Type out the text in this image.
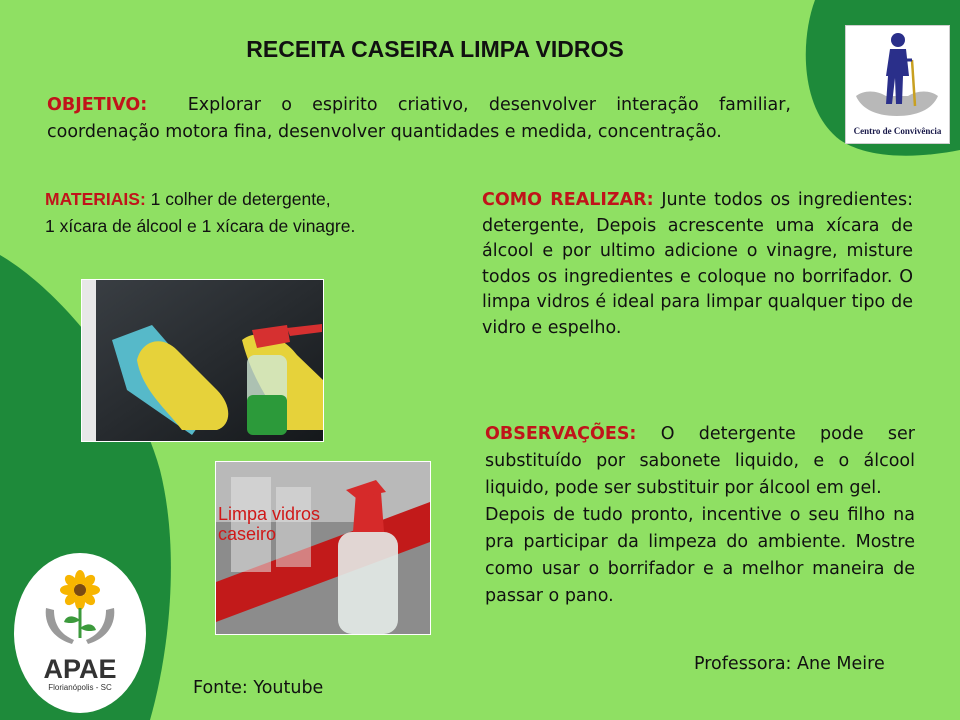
APAE
Florianópolis - SC
Centro de Convivência
RECEITA CASEIRA LIMPA VIDROS

OBJETIVO: Explorar o espirito criativo, desenvolver interação familiar, coordenação motora fina, desenvolver quantidades e medida, concentração.

MATERIAIS: 1 colher de detergente,
1 xícara de álcool e 1 xícara de vinagre.

COMO REALIZAR: Junte todos os ingredientes: detergente, Depois acrescente uma xícara de álcool e por ultimo adicione o vinagre, misture todos os ingredientes e coloque no borrifador. O limpa vidros é ideal para limpar qualquer tipo de vidro e espelho.

Limpa vidros
caseiro
OBSERVAÇÕES: O detergente pode ser substituído por sabonete liquido, e o álcool liquido, pode ser substituir por álcool em gel.
Depois de tudo pronto, incentive o seu filho na pra participar da limpeza do ambiente. Mostre como usar o borrifador e a melhor maneira de passar o pano.
Professora: Ane Meire
Fonte: Youtube
